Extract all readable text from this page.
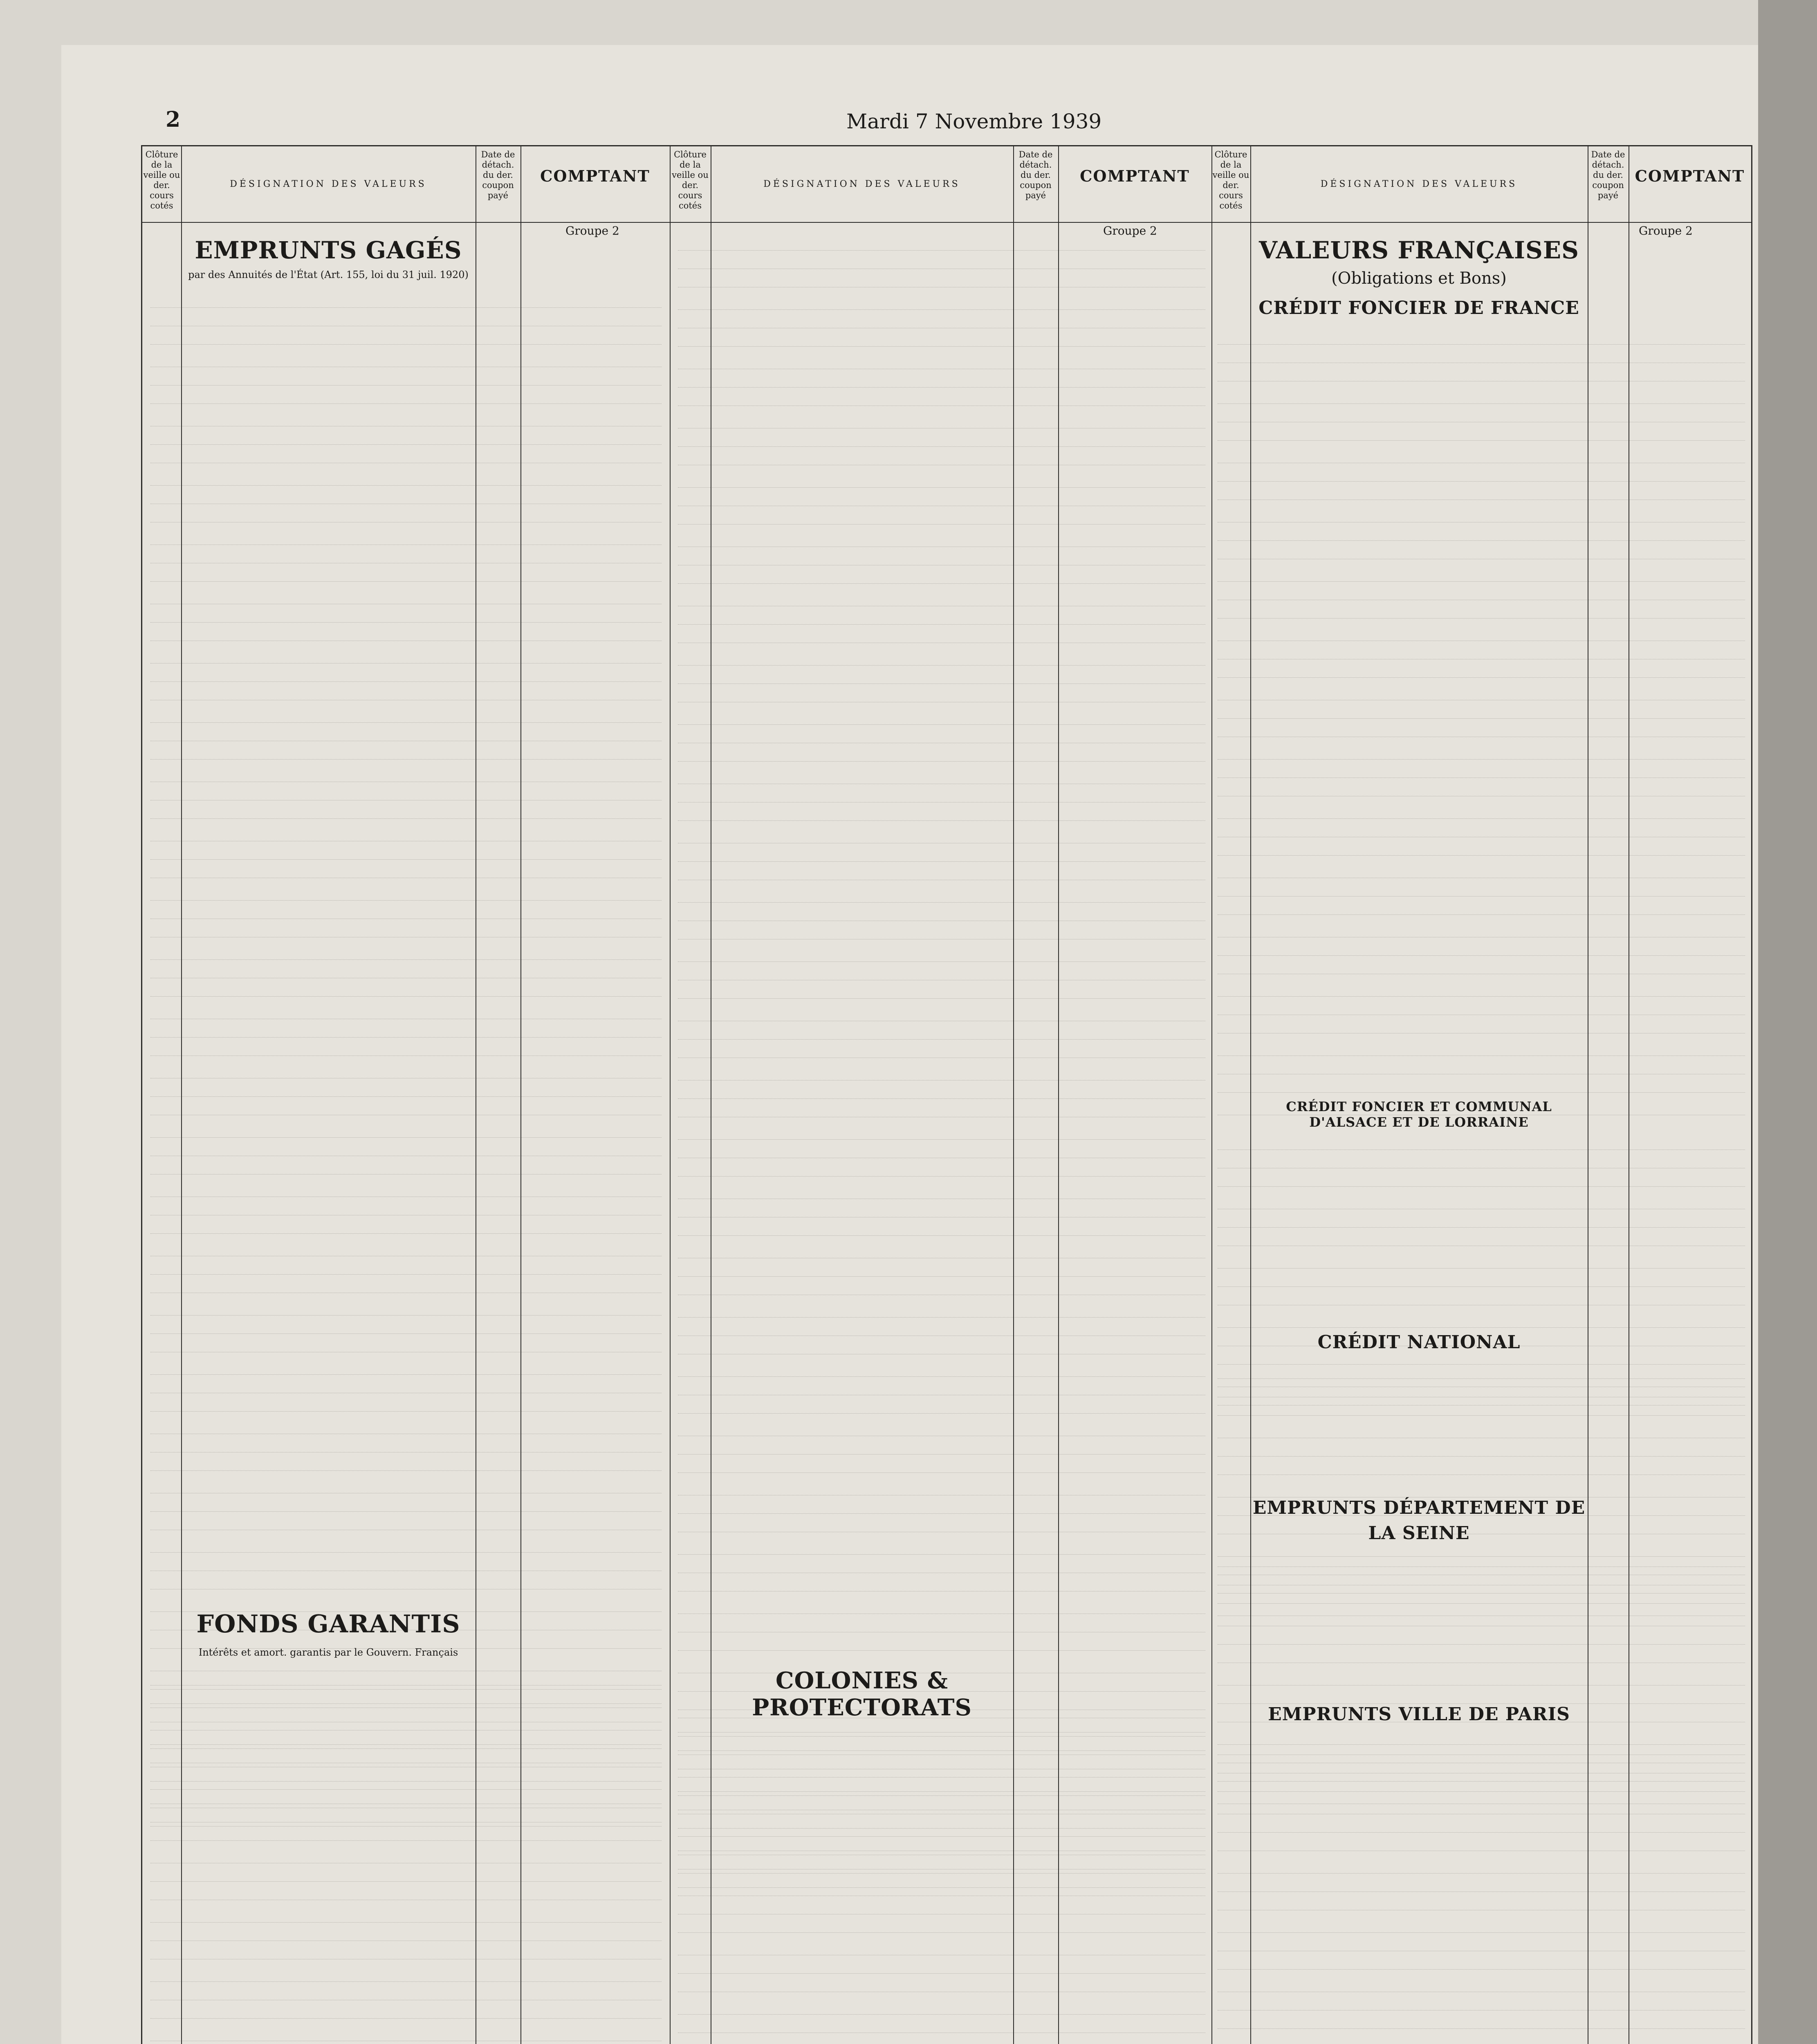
2	Mardi 7 Novembre 1939
Clôture de la veille ou der. cours cotés
DÉSIGNATION DES VALEURS
Date de détach. du der. coupon payé
COMPTANT
Groupe 2
Clôture de la veille ou der. cours cotés
DÉSIGNATION DES VALEURS
Date de détach. du der. coupon payé
COMPTANT
Groupe 2
Clôture de la veille ou der. cours cotés
DÉSIGNATION DES VALEURS
Date de détach. du der. coupon payé
COMPTANT
Groupe 2
EMPRUNTS GAGÉS
par des Annuités de l'État (Art. 155, loi du 31 juil. 1920)
FONDS GARANTIS
Intérêts et amort. garantis par le Gouvern. Français
COLONIES & PROTECTORATS
VALEURS FRANÇAISES
(Obligations et Bons)
CRÉDIT FONCIER DE FRANCE
CRÉDIT FONCIER ET COMMUNAL D'ALSACE ET DE LORRAINE
CRÉDIT NATIONAL
EMPRUNTS DÉPARTEMENT DE LA SEINE
EMPRUNTS VILLE DE PARIS
